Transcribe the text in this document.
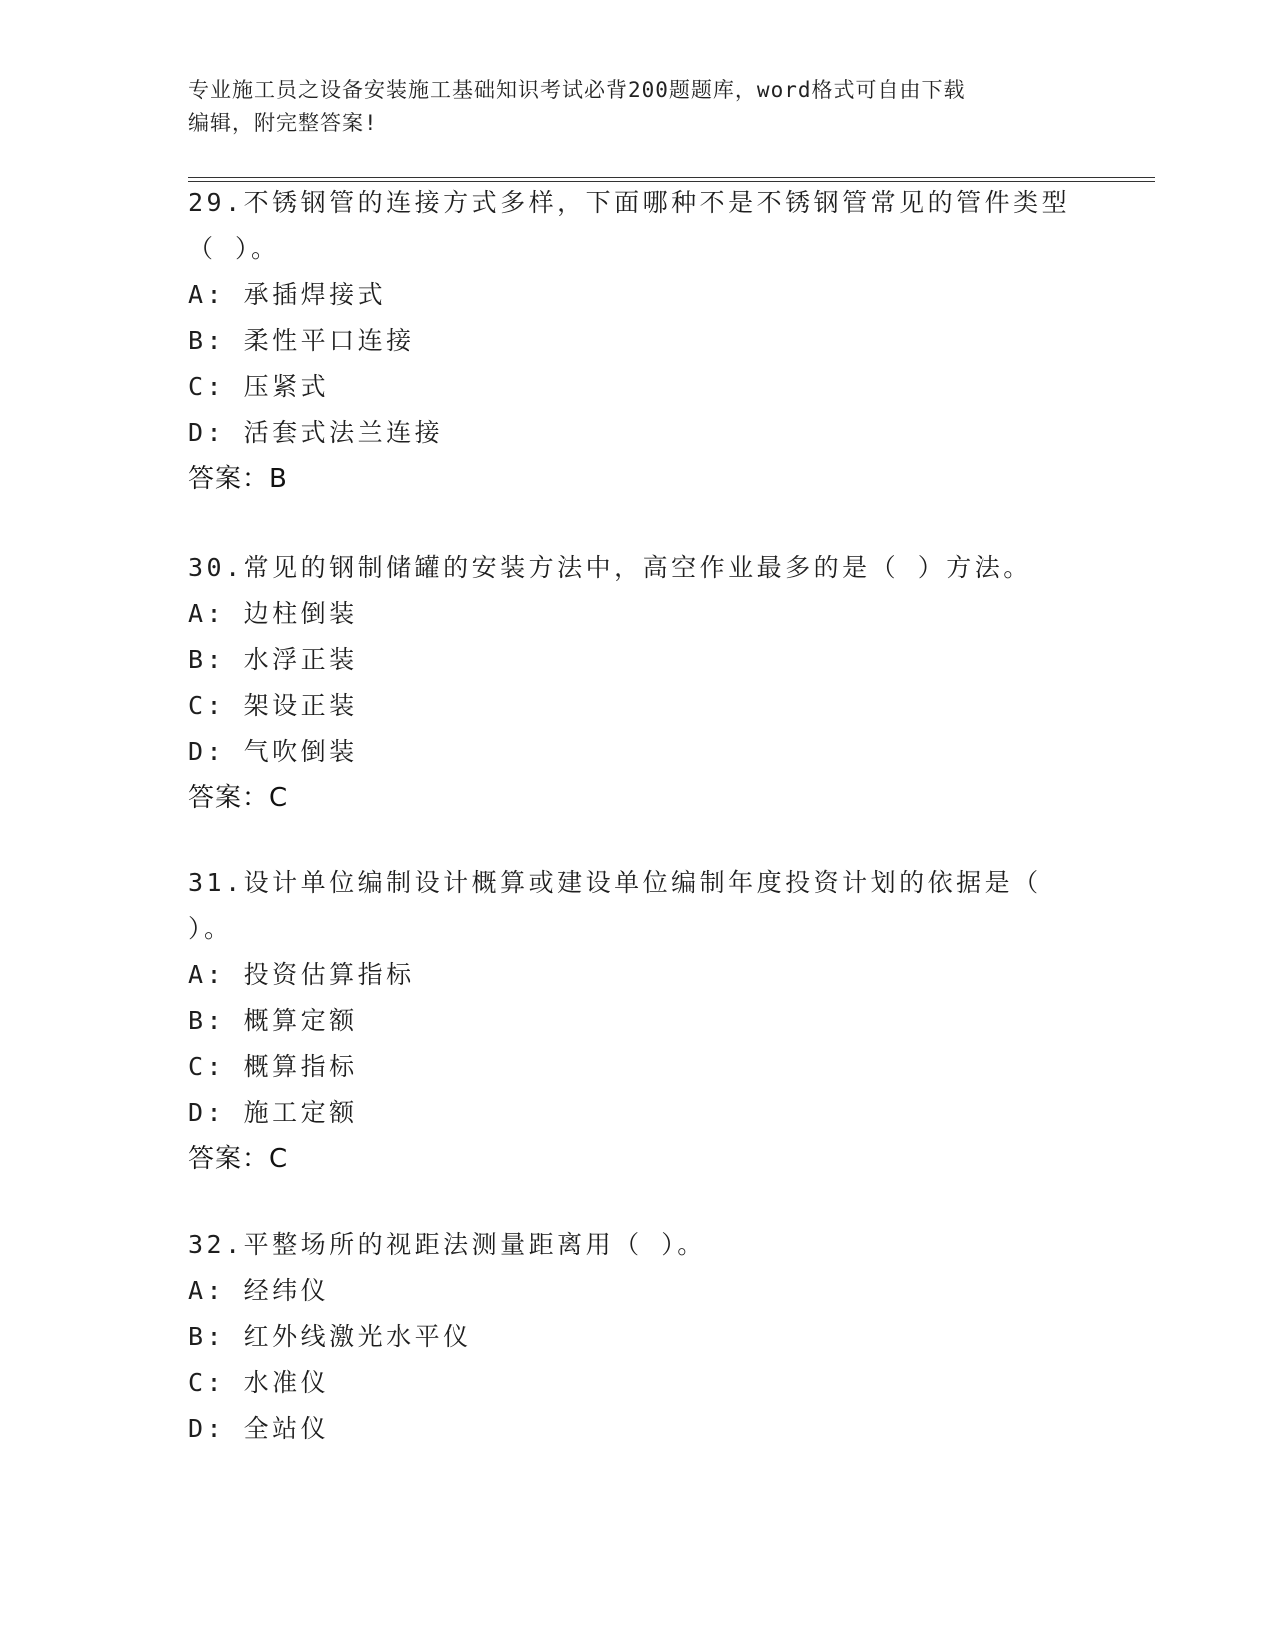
专业施工员之设备安装施工基础知识考试必背200题题库，word格式可自由下载
编辑，附完整答案!
29.不锈钢管的连接方式多样，下面哪种不是不锈钢管常见的管件类型
（ ）。
A: 承插焊接式
B: 柔性平口连接
C: 压紧式
D: 活套式法兰连接
答案：B
30.常见的钢制储罐的安装方法中，高空作业最多的是（ ）方法。
A: 边柱倒装
B: 水浮正装
C: 架设正装
D: 气吹倒装
答案：C
31.设计单位编制设计概算或建设单位编制年度投资计划的依据是（
）。
A: 投资估算指标
B: 概算定额
C: 概算指标
D: 施工定额
答案：C
32.平整场所的视距法测量距离用（ ）。
A: 经纬仪
B: 红外线激光水平仪
C: 水准仪
D: 全站仪
